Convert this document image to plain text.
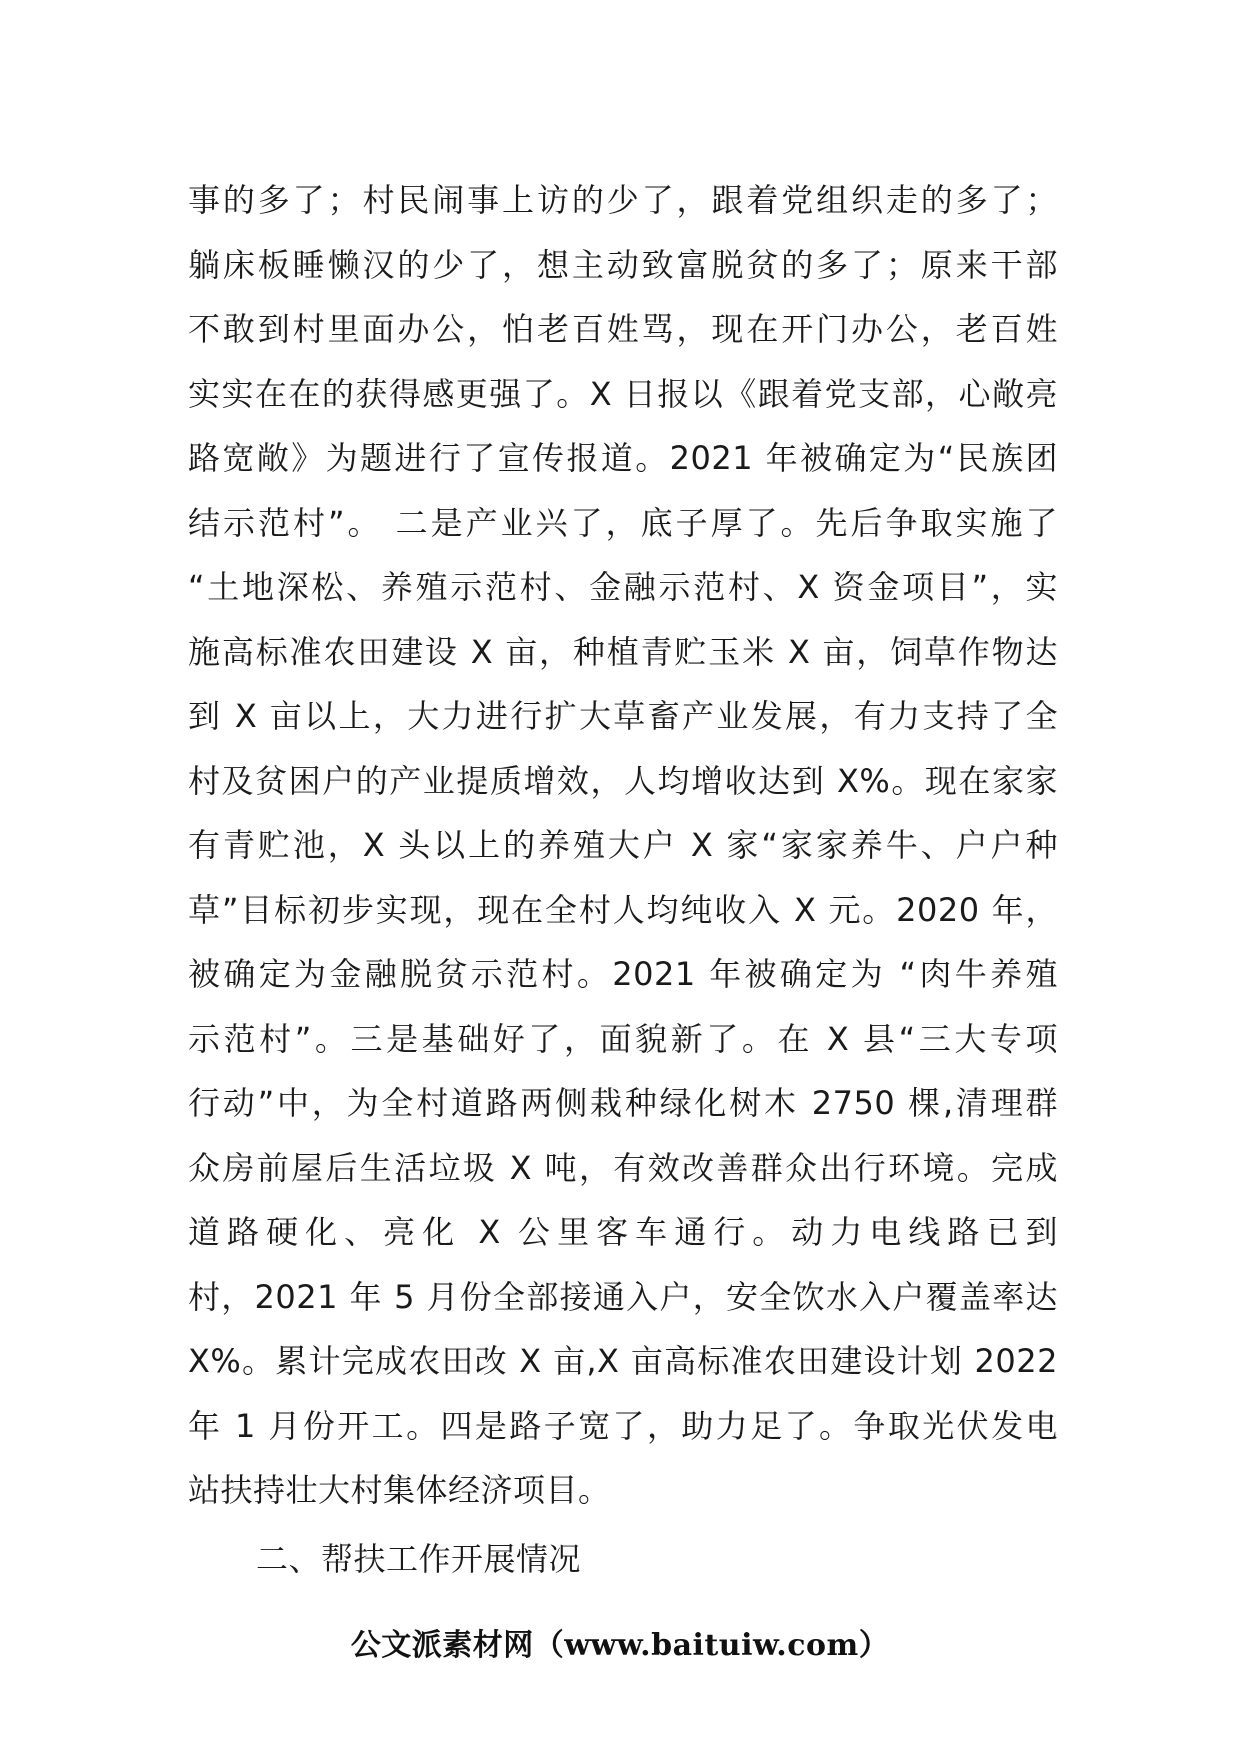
事的多了；村民闹事上访的少了，跟着党组织走的多了；
躺床板睡懒汉的少了，想主动致富脱贫的多了；原来干部
不敢到村里面办公，怕老百姓骂，现在开门办公，老百姓
实实在在的获得感更强了。X 日报以《跟着党支部，心敞亮
路宽敞》为题进行了宣传报道。2021 年被确定为“民族团
结示范村”。 二是产业兴了，底子厚了。先后争取实施了
“土地深松、养殖示范村、金融示范村、X 资金项目”，实
施高标准农田建设 X 亩，种植青贮玉米 X 亩，饲草作物达
到 X 亩以上，大力进行扩大草畜产业发展，有力支持了全
村及贫困户的产业提质增效，人均增收达到 X%。现在家家
有青贮池，X 头以上的养殖大户 X 家“家家养牛、户户种
草”目标初步实现，现在全村人均纯收入 X 元。2020 年，
被确定为金融脱贫示范村。2021 年被确定为 “肉牛养殖
示范村”。三是基础好了，面貌新了。在 X 县“三大专项
行动”中，为全村道路两侧栽种绿化树木 2750 棵,清理群
众房前屋后生活垃圾 X 吨，有效改善群众出行环境。完成
道路硬化、亮化 X 公里客车通行。动力电线路已到
村，2021 年 5 月份全部接通入户，安全饮水入户覆盖率达
X%。累计完成农田改 X 亩,X 亩高标准农田建设计划 2022
年 1 月份开工。四是路子宽了，助力足了。争取光伏发电
站扶持壮大村集体经济项目。
二、帮扶工作开展情况
公文派素材网（www.baituiw.com）
